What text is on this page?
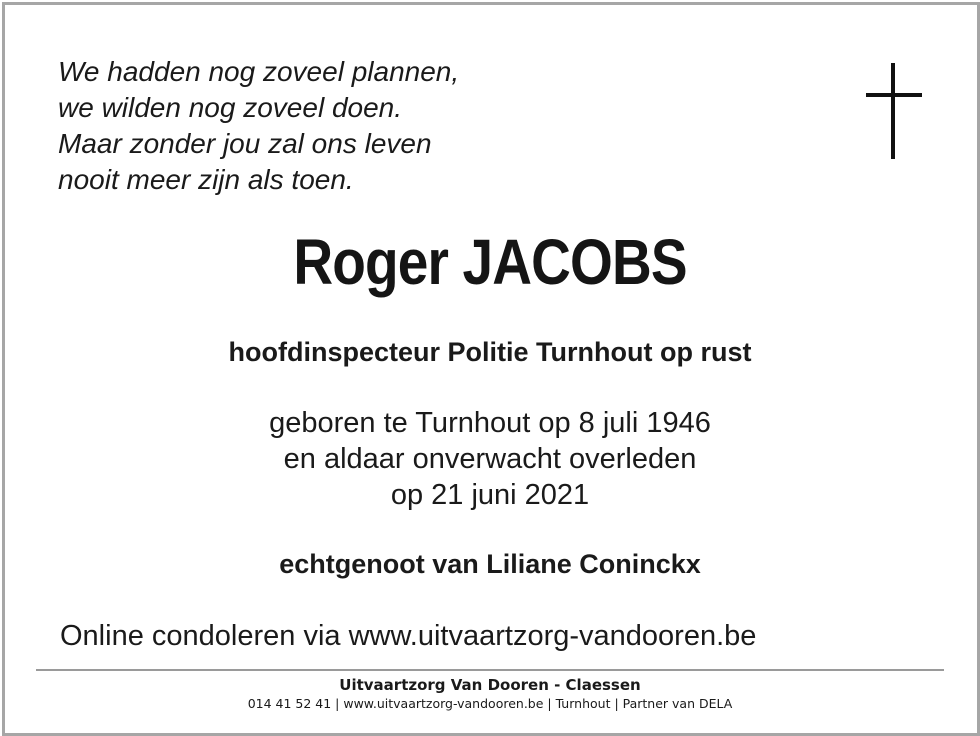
We hadden nog zoveel plannen,
we wilden nog zoveel doen.
Maar zonder jou zal ons leven
nooit meer zijn als toen.
Roger JACOBS
hoofdinspecteur Politie Turnhout op rust
geboren te Turnhout op 8 juli 1946
en aldaar onverwacht overleden
op 21 juni 2021
echtgenoot van Liliane Coninckx
Online condoleren via www.uitvaartzorg-vandooren.be
Uitvaartzorg Van Dooren - Claessen
014 41 52 41 | www.uitvaartzorg-vandooren.be | Turnhout | Partner van DELA
